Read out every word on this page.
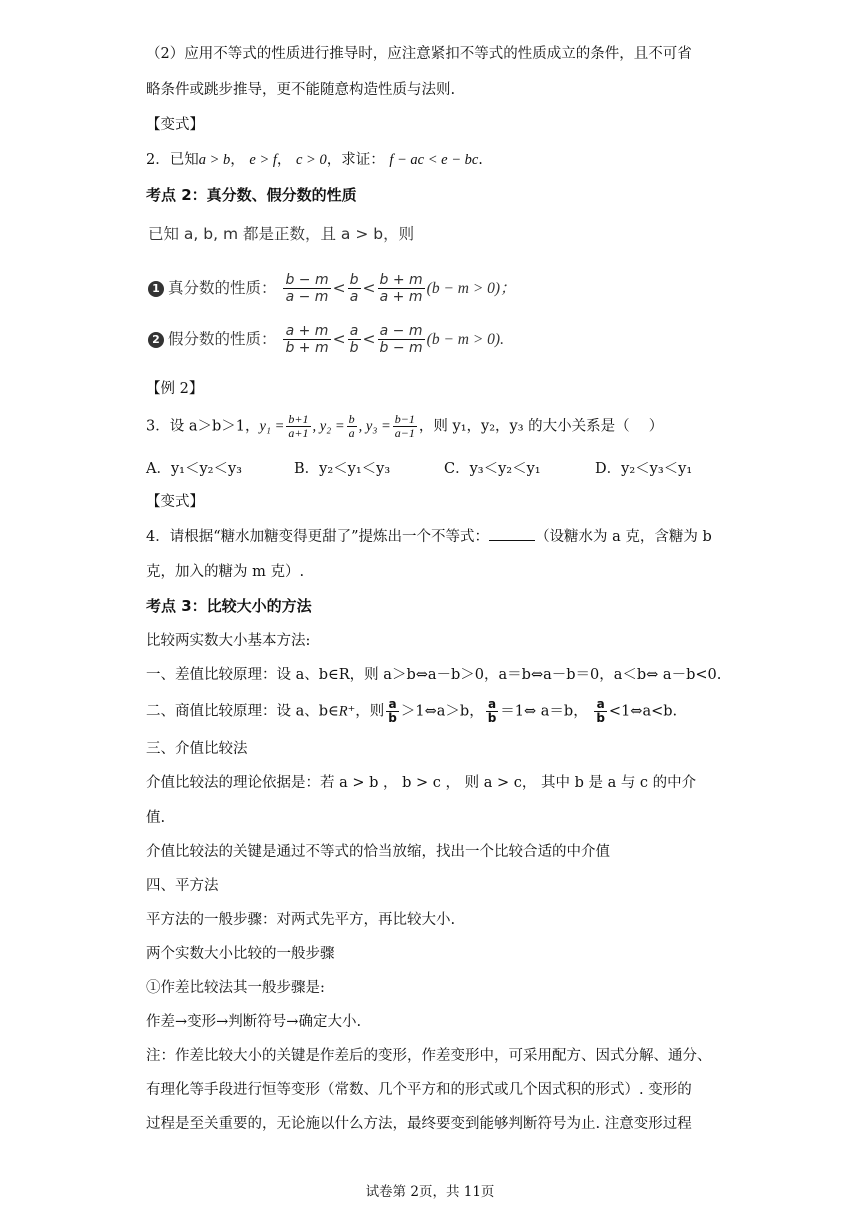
（2）应用不等式的性质进行推导时，应注意紧扣不等式的性质成立的条件，且不可省
略条件或跳步推导，更不能随意构造性质与法则.
【变式】
2．已知a > b， e > f， c > 0，求证： f − ac < e − bc.
考点 2：真分数、假分数的性质
已知 a, b, m 都是正数，且 a > b，则
1 真分数的性质： $\frac{b - m}{a - m} < \frac{b}{a} < \frac{b + m}{a + m} (b - m > 0)$；
2 假分数的性质： $\frac{a + m}{b + m} < \frac{a}{b} < \frac{a - m}{b - m} (b - m > 0)$.
【例 2】
3．设 a＞b＞1，$y_1 = \frac{b+1}{a+1}$ , $y_2 = \frac{b}{a}$ , $y_3 = \frac{b-1}{a-1}$ ，则 y₁，y₂，y₃ 的大小关系是（　 ）
A．y₁＜y₂＜y₃	B．y₂＜y₁＜y₃	C．y₃＜y₂＜y₁	D．y₂＜y₃＜y₁
【变式】
4．请根据“糖水加糖变得更甜了”提炼出一个不等式：	（设糖水为 a 克，含糖为 b
克，加入的糖为 m 克）.
考点 3：比较大小的方法
比较两实数大小基本方法:
一、差值比较原理：设 a、b∈R，则 a＞b⇔a－b＞0，a＝b⇔a－b＝0，a＜b⇔ a－b<0.
二、商值比较原理：设 a、b∈R⁺，则 $\frac{a}{b}$ ＞1⇔a＞b， $\frac{a}{b}$ ＝1⇔ a＝b， $\frac{a}{b}$ <1⇔a<b.
三、介值比较法
介值比较法的理论依据是：若 a > b ， b > c ， 则 a > c， 其中 b 是 a 与 c 的中介
值.
介值比较法的关键是通过不等式的恰当放缩，找出一个比较合适的中介值
四、平方法
平方法的一般步骤：对两式先平方，再比较大小.
两个实数大小比较的一般步骤
①作差比较法其一般步骤是:
作差→变形→判断符号→确定大小.
注：作差比较大小的关键是作差后的变形，作差变形中，可采用配方、因式分解、通分、
有理化等手段进行恒等变形（常数、几个平方和的形式或几个因式积的形式）. 变形的
过程是至关重要的，无论施以什么方法，最终要变到能够判断符号为止. 注意变形过程
试卷第 2页，共 11页
